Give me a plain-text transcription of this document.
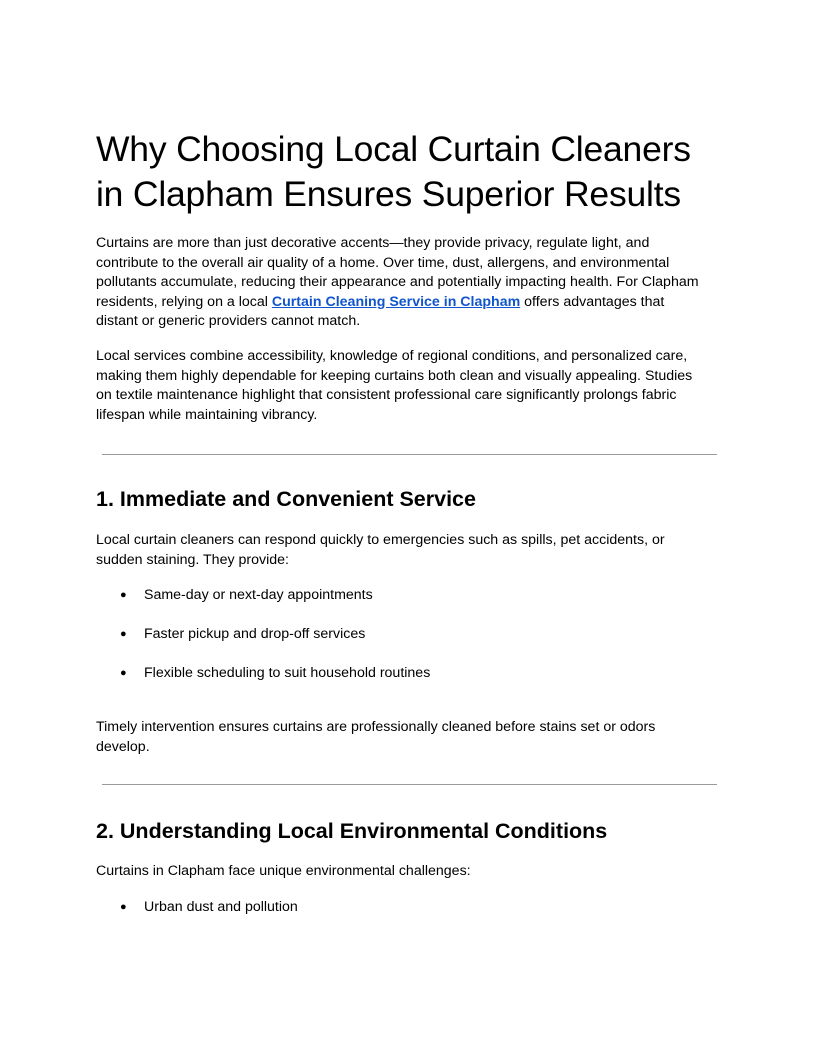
Why Choosing Local Curtain Cleaners
in Clapham Ensures Superior Results

Curtains are more than just decorative accents—they provide privacy, regulate light, and
contribute to the overall air quality of a home. Over time, dust, allergens, and environmental
pollutants accumulate, reducing their appearance and potentially impacting health. For Clapham
residents, relying on a local Curtain Cleaning Service in Clapham offers advantages that
distant or generic providers cannot match.

Local services combine accessibility, knowledge of regional conditions, and personalized care,
making them highly dependable for keeping curtains both clean and visually appealing. Studies
on textile maintenance highlight that consistent professional care significantly prolongs fabric
lifespan while maintaining vibrancy.

1. Immediate and Convenient Service

Local curtain cleaners can respond quickly to emergencies such as spills, pet accidents, or
sudden staining. They provide:

● Same-day or next-day appointments
● Faster pickup and drop-off services
● Flexible scheduling to suit household routines

Timely intervention ensures curtains are professionally cleaned before stains set or odors
develop.

2. Understanding Local Environmental Conditions

Curtains in Clapham face unique environmental challenges:

● Urban dust and pollution
